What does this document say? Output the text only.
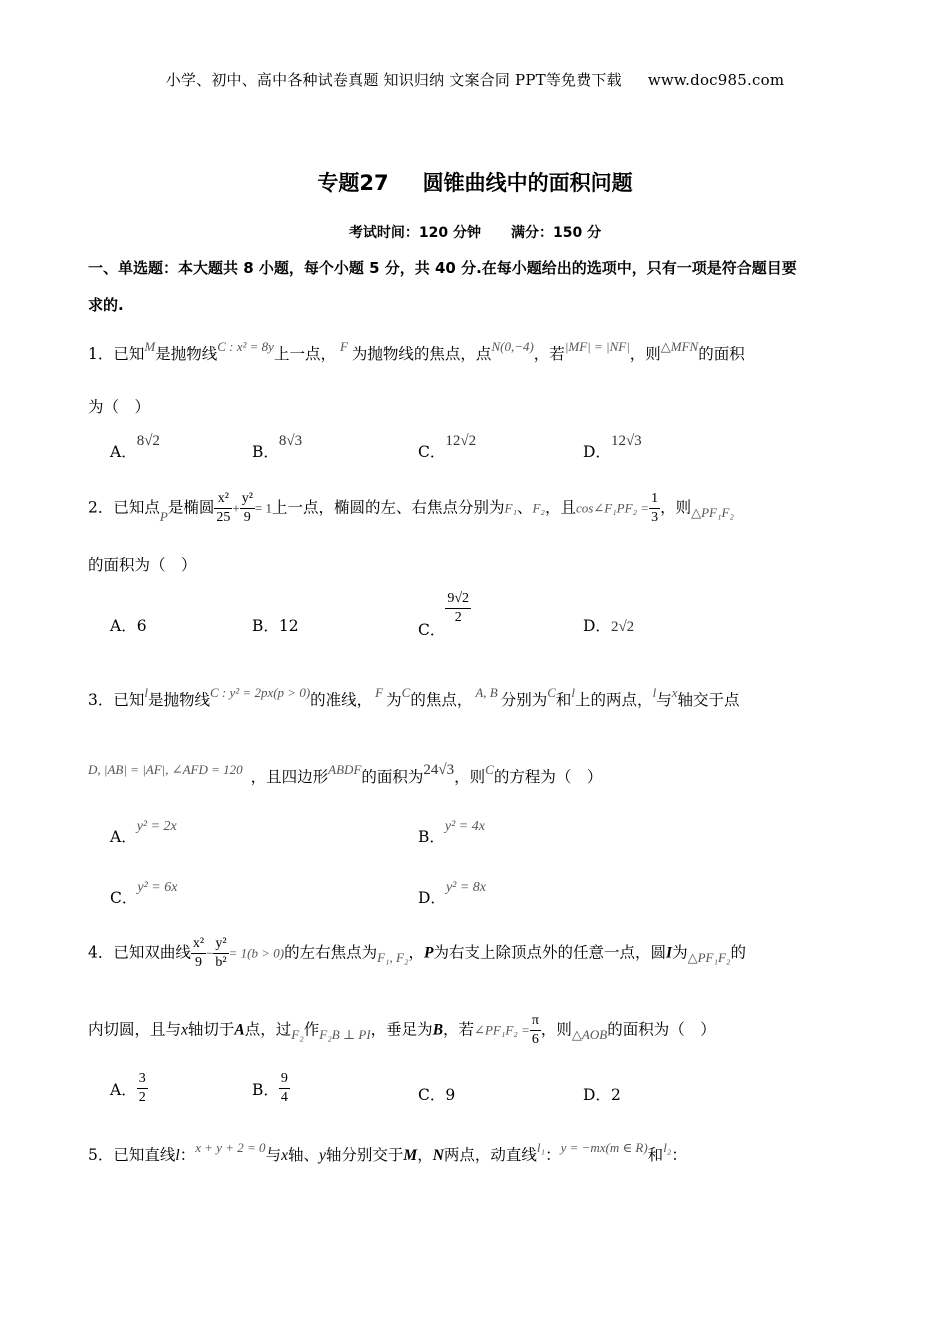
小学、初中、高中各种试卷真题 知识归纳 文案合同 PPT等免费下载 www.doc985.com
专题27 圆锥曲线中的面积问题
考试时间：120 分钟 满分：150 分
一、单选题：本大题共 8 小题，每个小题 5 分，共 40 分.在每小题给出的选项中，只有一项是符合题目要
求的.
1．已知$^M$是抛物线$^{C : x^2 = 8y}$上一点， $^F$ 为抛物线的焦点，点$^{N(0,-4)}$，若$^{|MF| = |NF|}$，则$^{\triangle MFN}$的面积
为（　）
A．8√2
B．8√3
C．12√2
D．12√3
2．已知点$_P$是椭圆 $\frac{\text{x²}}{25} + \frac{\text{y²}}{9} = 1$上一点，椭圆的左、右焦点分别为F₁、F₂，且cos∠F₁PF₂ = $\frac{1}{3}$ ，则$_{\triangle PF_1F_2}$
的面积为（　）
A．6	B．12	C．
$\frac{9√2}{2}$	D．2√2
3．已知$^l$是抛物线$^{C : y^2 = 2px(p > 0)}$的准线， $^F$ 为$^C$的焦点， $^{A, B}$ 分别为$^C$和$^l$上的两点，$^l$与$^x$轴交于点
$^{D, |AB| = |AF|, \angle AFD = 120}$ ，且四边形$^{ABDF}$的面积为24√3，则$^C$的方程为（　）
A．y² = 2x
B．y² = 4x
C．y² = 6x
D．y² = 8x
4．已知双曲线 $\frac{\text{x²}}{9} - \frac{\text{y²}}{\text{b²}} = 1(b > 0)$的左右焦点为$_{F_1, F_2}$，P为右支上除顶点外的任意一点，圆I为$_{\triangle PF_1F_2}$的
内切圆，且与x轴切于A点，过$_{F_2}$作$_{F_2B \perp PI}$，垂足为B，若∠PF₁F₂ = $\frac{\pi}{6}$ ，则$_{\triangle AOB}$的面积为（　）
A． $\frac{3}{2}$	B． $\frac{9}{4}$	C．9	D．2
5．已知直线l：$^{x + y + 2 = 0}$与x轴、y轴分别交于M，N两点，动直线$^{l_1}$：$^{y = -mx(m \in R)}$和$^{l_2}$：
